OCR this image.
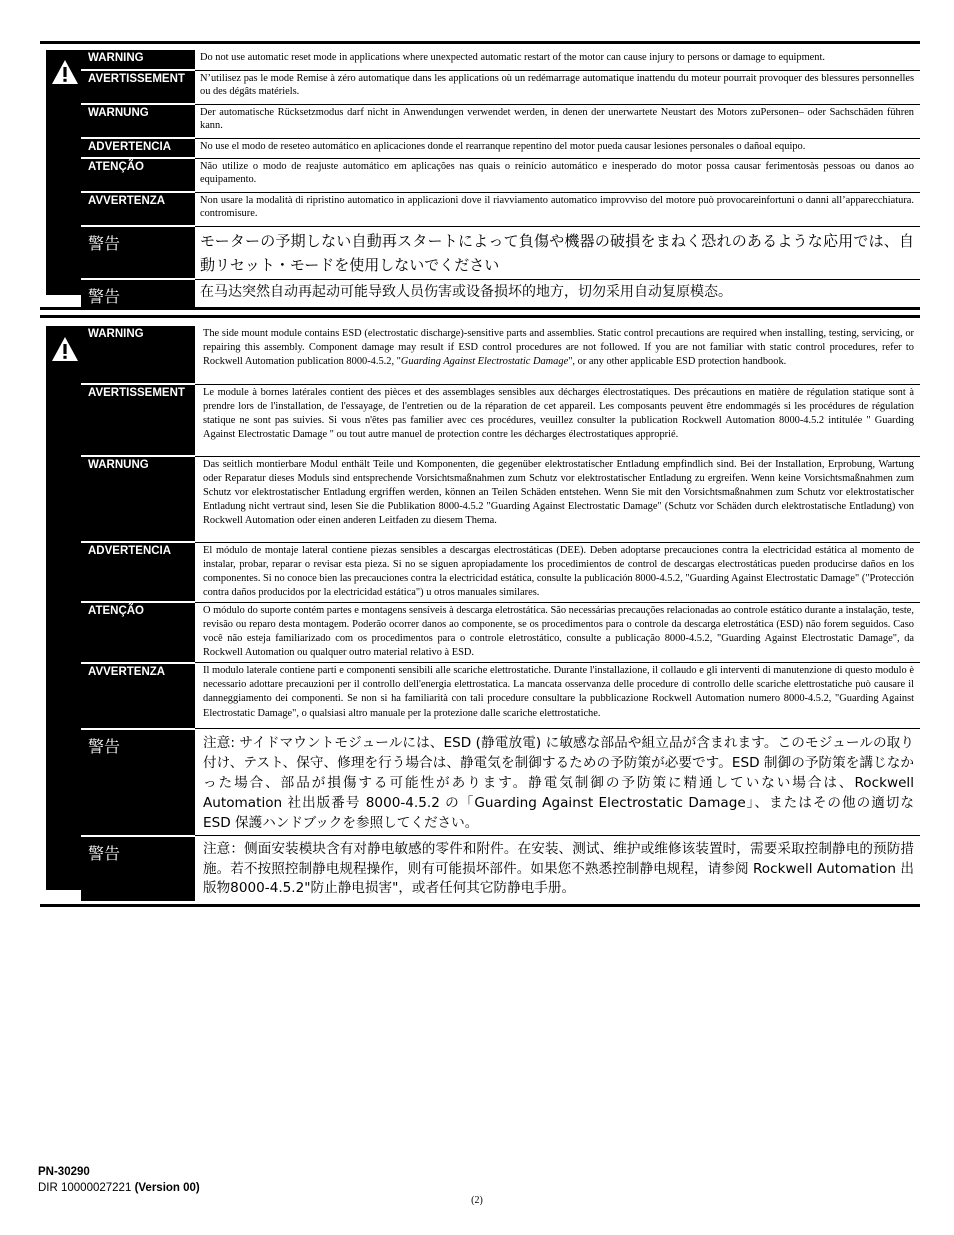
WARNING	Do not use automatic reset mode in applications where unexpected automatic restart of the motor can cause injury to persons or damage to equipment.
AVERTISSEMENT	N’utilisez pas le mode Remise à zéro automatique dans les applications où un redémarrage automatique inattendu du moteur pourrait provoquer des blessures personnelles ou des dégâts matériels.
WARNUNG	Der automatische Rücksetzmodus darf nicht in Anwendungen verwendet werden, in denen der unerwartete Neustart des Motors zuPersonen– oder Sachschäden führen kann.
ADVERTENCIA	No use el modo de reseteo automático en aplicaciones donde el rearranque repentino del motor pueda causar lesiones personales o dañoal equipo.
ATENÇÃO	Não utilize o modo de reajuste automático em aplicações nas quais o reinício automático e inesperado do motor possa causar ferimentosàs pessoas ou danos ao equipamento.
AVVERTENZA	Non usare la modalità di ripristino automatico in applicazioni dove il riavviamento automatico improvviso del motore può provocareinfortuni o danni all’apparecchiatura. contromisure.
警告	モーターの予期しない自動再スタートによって負傷や機器の破損をまねく恐れのあるような応用では、自動リセット・モードを使用しないでください
警告	在马达突然自动再起动可能导致人员伤害或设备损坏的地方，切勿采用自动复原模态。
WARNING	The side mount module contains ESD (electrostatic discharge)-sensitive parts and assemblies. Static control precautions are required when installing, testing, servicing, or repairing this assembly. Component damage may result if ESD control procedures are not followed. If you are not familiar with static control procedures, refer to Rockwell Automation publication 8000-4.5.2, "Guarding Against Electrostatic Damage", or any other applicable ESD protection handbook.
AVERTISSEMENT	Le module à bornes latérales contient des pièces et des assemblages sensibles aux décharges électrostatiques. Des précautions en matière de régulation statique sont à prendre lors de l'installation, de l'essayage, de l'entretien ou de la réparation de cet appareil. Les composants peuvent être endommagés si les procédures de régulation statique ne sont pas suivies. Si vous n'êtes pas familier avec ces procédures, veuillez consulter la publication Rockwell Automation 8000-4.5.2 intitulée " Guarding Against Electrostatic Damage " ou tout autre manuel de protection contre les décharges électrostatiques approprié.
WARNUNG	Das seitlich montierbare Modul enthält Teile und Komponenten, die gegenüber elektrostatischer Entladung empfindlich sind. Bei der Installation, Erprobung, Wartung oder Reparatur dieses Moduls sind entsprechende Vorsichtsmaßnahmen zum Schutz vor elektrostatischer Entladung zu ergreifen. Wenn keine Vorsichtsmaßnahmen zum Schutz vor elektrostatischer Entladung ergriffen werden, können an Teilen Schäden entstehen. Wenn Sie mit den Vorsichtsmaßnahmen zum Schutz vor elektrostatischer Entladung nicht vertraut sind, lesen Sie die Publikation 8000-4.5.2 "Guarding Against Electrostatic Damage" (Schutz vor Schäden durch elektrostatische Entladung) von Rockwell Automation oder einen anderen Leitfaden zu diesem Thema.
ADVERTENCIA	El módulo de montaje lateral contiene piezas sensibles a descargas electrostáticas (DEE). Deben adoptarse precauciones contra la electricidad estática al momento de instalar, probar, reparar o revisar esta pieza. Si no se siguen apropiadamente los procedimientos de control de descargas electrostáticas pueden producirse daños en los componentes. Si no conoce bien las precauciones contra la electricidad estática, consulte la publicación 8000-4.5.2, "Guarding Against Electrostatic Damage" ("Protección contra daños producidos por la electricidad estática") u otros manuales similares.
ATENÇÃO	O módulo do suporte contém partes e montagens sensíveis à descarga eletrostática. São necessárias precauções relacionadas ao controle estático durante a instalação, teste, revisão ou reparo desta montagem. Poderão ocorrer danos ao componente, se os procedimentos para o controle da descarga eletrostática (ESD) não forem seguidos. Caso você não esteja familiarizado com os procedimentos para o controle eletrostático, consulte a publicação 8000-4.5.2, "Guarding Against Electrostatic Damage", da Rockwell Automation ou qualquer outro material relativo à ESD.
AVVERTENZA	Il modulo laterale contiene parti e componenti sensibili alle scariche elettrostatiche. Durante l'installazione, il collaudo e gli interventi di manutenzione di questo modulo è necessario adottare precauzioni per il controllo dell'energia elettrostatica. La mancata osservanza delle procedure di controllo delle scariche elettrostatiche può causare il danneggiamento dei componenti. Se non si ha familiarità con tali procedure consultare la pubblicazione Rockwell Automation numero 8000-4.5.2, "Guarding Against Electrostatic Damage", o qualsiasi altro manuale per la protezione dalle scariche elettrostatiche.
警告	注意: サイドマウントモジュールには、ESD (静電放電) に敏感な部品や組立品が含まれます。このモジュールの取り付け、テスト、保守、修理を行う場合は、静電気を制御するための予防策が必要です。ESD 制御の予防策を講じなかった場合、部品が損傷する可能性があります。静電気制御の予防策に精通していない場合は、Rockwell Automation 社出版番号 8000-4.5.2 の「Guarding Against Electrostatic Damage」、またはその他の適切な ESD 保護ハンドブックを参照してください。
警告	注意：侧面安装模块含有对静电敏感的零件和附件。在安装、测试、维护或维修该装置时，需要采取控制静电的预防措施。若不按照控制静电规程操作，则有可能损坏部件。如果您不熟悉控制静电规程，请参阅 Rockwell Automation 出版物8000-4.5.2"防止静电损害"，或者任何其它防静电手册。
PN-30290
DIR 10000027221 (Version 00)
(2)
